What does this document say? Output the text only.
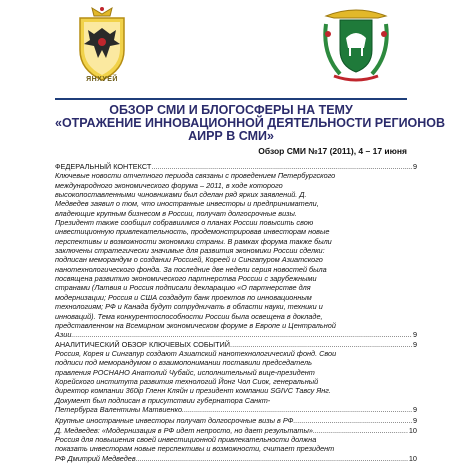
ЯНХУЕЙ
ОБЗОР СМИ И БЛОГОСФЕРЫ НА ТЕМУ
«ОТРАЖЕНИЕ ИННОВАЦИОННОЙ ДЕЯТЕЛЬНОСТИ РЕГИОНОВ
АИРР В СМИ»
Обзор СМИ №17 (2011), 4 – 17 июня
ФЕДЕРАЛЬНЫЙ КОНТЕКСТ .....	9

Ключевые новости отчетного периода связаны с проведением Петербургского

международного экономического форума – 2011, в ходе которого

высокопоставленными чиновниками был сделан ряд ярких заявлений. Д.

Медведев заявил о том, что иностранные инвесторы и предприниматели,

владеющие крупным бизнесом в России, получат долгосрочные визы.

Президент также сообщил собравшимся о планах России повысить свою

инвестиционную привлекательность, продемонстрировав инвесторам новые

перспективы и возможности экономики страны. В рамках форума также были

заключены стратегически значимые для развития экономики России сделки:

подписан меморандум о создании Россией, Кореей и Сингапуром Азиатского

нанотехнологического фонда. За последние две недели серия новостей была

посвящена развитию экономического партнерства России с зарубежными

странами (Латвия и Россия подписали декларацию «О партнерстве для

модернизации; Россия и США создадут банк проектов по инновационным

технологиям; РФ и Канада будут сотрудничать в области науки, техники и

инноваций). Тема конкурентоспособности России была освещена в докладе,

представленном на Всемирном экономическом форуме в Европе и Центральной

Азии .....	9
АНАЛИТИЧЕСКИЙ ОБЗОР КЛЮЧЕВЫХ СОБЫТИЙ .....	9

Россия, Корея и Сингапур создают Азиатский нанотехнологический фонд. Свои

подписи под меморандумом о взаимопонимании поставили председатель

правления РОСНАНО Анатолий Чубайс, исполнительный вице-президент

Корейского института развития технологий Йонг Чол Сиок, генеральный

директор компании 360ip Гленн Кляйн и президент компании SGIVC Тавсу Янг.

Документ был подписан в присутствии губернатора Санкт-

Петербурга Валентины Матвиенко .....	9
Крупные иностранные инвесторы получат долгосрочные визы в РФ .....	9
Д. Медведев: «Модернизация в РФ идет непросто, но дает результаты» .....	10

Россия для повышения своей инвестиционной привлекательности должна

показать инвесторам новые перспективы и возможности, считает президент

РФ Дмитрий Медведев .....	10
